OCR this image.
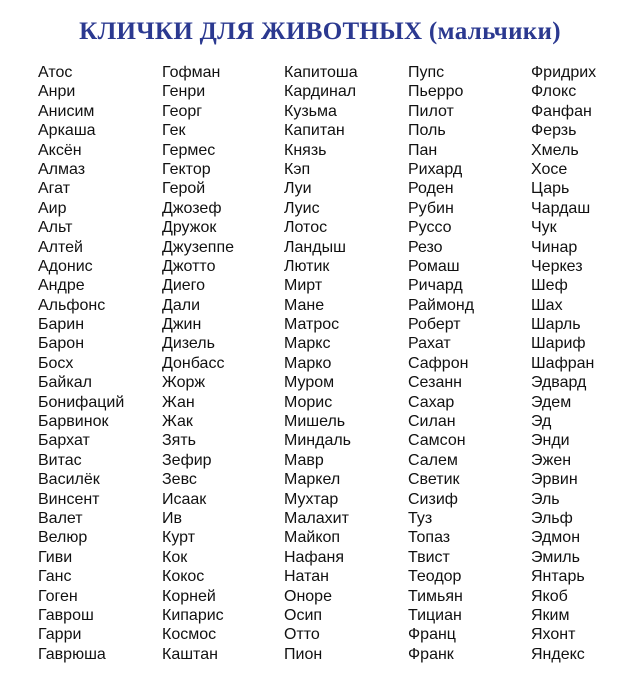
КЛИЧКИ ДЛЯ ЖИВОТНЫХ (мальчики)
Атос
Анри
Анисим
Аркаша
Аксён
Алмаз
Агат
Аир
Альт
Алтей
Адонис
Андре
Альфонс
Барин
Барон
Босх
Байкал
Бонифаций
Барвинок
Бархат
Витас
Василёк
Винсент
Валет
Велюр
Гиви
Ганс
Гоген
Гаврош
Гарри
Гаврюша
Гофман
Генри
Георг
Гек
Гермес
Гектор
Герой
Джозеф
Дружок
Джузеппе
Джотто
Диего
Дали
Джин
Дизель
Донбасс
Жорж
Жан
Жак
Зять
Зефир
Зевс
Исаак
Ив
Курт
Кок
Кокос
Корней
Кипарис
Космос
Каштан
Капитоша
Кардинал
Кузьма
Капитан
Князь
Кэп
Луи
Луис
Лотос
Ландыш
Лютик
Мирт
Мане
Матрос
Маркс
Марко
Муром
Морис
Мишель
Миндаль
Мавр
Маркел
Мухтар
Малахит
Майкоп
Нафаня
Натан
Оноре
Осип
Отто
Пион
Пупс
Пьерро
Пилот
Поль
Пан
Рихард
Роден
Рубин
Руссо
Резо
Ромаш
Ричард
Раймонд
Роберт
Рахат
Сафрон
Сезанн
Сахар
Силан
Самсон
Салем
Светик
Сизиф
Туз
Топаз
Твист
Теодор
Тимьян
Тициан
Франц
Франк
Фридрих
Флокс
Фанфан
Ферзь
Хмель
Хосе
Царь
Чардаш
Чук
Чинар
Черкез
Шеф
Шах
Шарль
Шариф
Шафран
Эдвард
Эдем
Эд
Энди
Эжен
Эрвин
Эль
Эльф
Эдмон
Эмиль
Янтарь
Якоб
Яким
Яхонт
Яндекс
